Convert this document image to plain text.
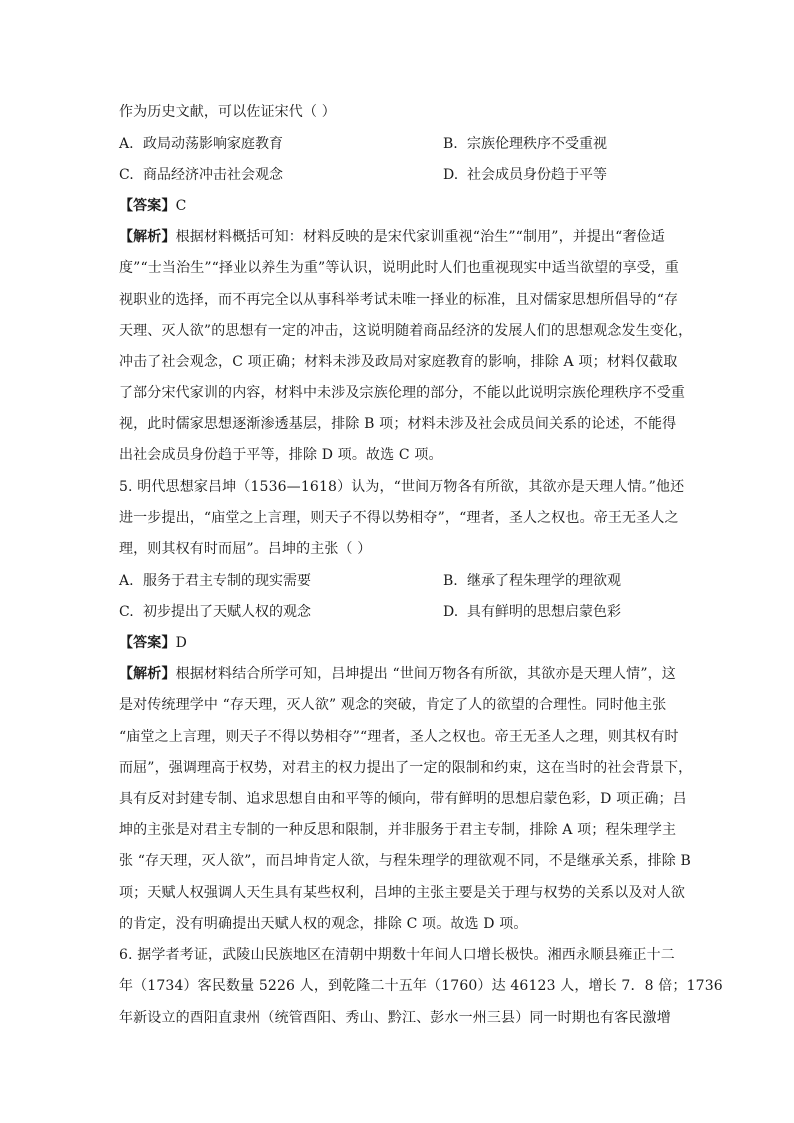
作为历史文献，可以佐证宋代（ ）
A. 政局动荡影响家庭教育	B. 宗族伦理秩序不受重视
C. 商品经济冲击社会观念	D. 社会成员身份趋于平等
【答案】C
【解析】根据材料概括可知：材料反映的是宋代家训重视“治生”“制用”，并提出“奢俭适
度”“士当治生”“择业以养生为重”等认识，说明此时人们也重视现实中适当欲望的享受，重
视职业的选择，而不再完全以从事科举考试未唯一择业的标准，且对儒家思想所倡导的“存
天理、灭人欲”的思想有一定的冲击，这说明随着商品经济的发展人们的思想观念发生变化，
冲击了社会观念，C 项正确；材料未涉及政局对家庭教育的影响，排除 A 项；材料仅截取
了部分宋代家训的内容，材料中未涉及宗族伦理的部分，不能以此说明宗族伦理秩序不受重
视，此时儒家思想逐渐渗透基层，排除 B 项；材料未涉及社会成员间关系的论述，不能得
出社会成员身份趋于平等，排除 D 项。故选 C 项。
5. 明代思想家吕坤（1536—1618）认为，“世间万物各有所欲，其欲亦是天理人情。”他还
进一步提出，“庙堂之上言理，则天子不得以势相夺”，“理者，圣人之权也。帝王无圣人之
理，则其权有时而屈”。吕坤的主张（ ）
A. 服务于君主专制的现实需要	B. 继承了程朱理学的理欲观
C. 初步提出了天赋人权的观念	D. 具有鲜明的思想启蒙色彩
【答案】D
【解析】根据材料结合所学可知，吕坤提出 “世间万物各有所欲，其欲亦是天理人情”，这
是对传统理学中 “存天理，灭人欲” 观念的突破，肯定了人的欲望的合理性。同时他主张
“庙堂之上言理，则天子不得以势相夺”“理者，圣人之权也。帝王无圣人之理，则其权有时
而屈”，强调理高于权势，对君主的权力提出了一定的限制和约束，这在当时的社会背景下，
具有反对封建专制、追求思想自由和平等的倾向，带有鲜明的思想启蒙色彩，D 项正确；吕
坤的主张是对君主专制的一种反思和限制，并非服务于君主专制，排除 A 项；程朱理学主
张 “存天理，灭人欲”，而吕坤肯定人欲，与程朱理学的理欲观不同，不是继承关系，排除 B
项；天赋人权强调人天生具有某些权利，吕坤的主张主要是关于理与权势的关系以及对人欲
的肯定，没有明确提出天赋人权的观念，排除 C 项。故选 D 项。
6. 据学者考证，武陵山民族地区在清朝中期数十年间人口增长极快。湘西永顺县雍正十二
年（1734）客民数量 5226 人，到乾隆二十五年（1760）达 46123 人，增长 7．8 倍；1736
年新设立的酉阳直隶州（统管酉阳、秀山、黔江、彭水一州三县）同一时期也有客民激增
